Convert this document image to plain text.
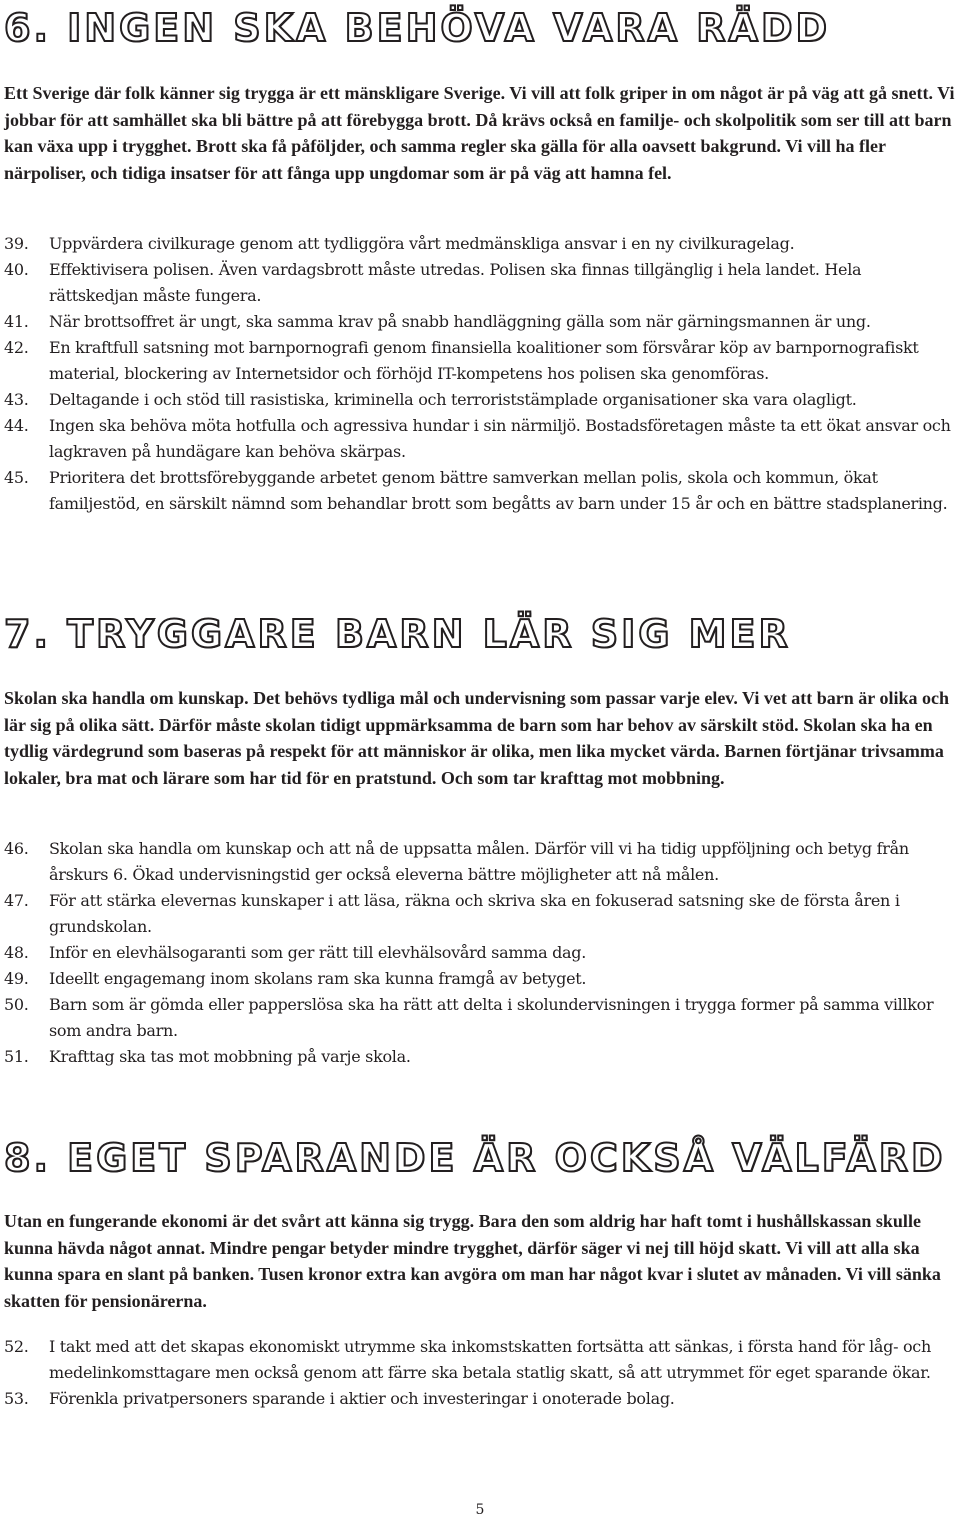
6. INGEN SKA BEHÖVA VARA RÄDD

Ett Sverige där folk känner sig trygga är ett mänskligare Sverige. Vi vill att folk griper in om något är på väg att gå snett. Vi jobbar för att samhället ska bli bättre på att förebygga brott. Då krävs också en familje- och skolpolitik som ser till att barn kan växa upp i trygghet. Brott ska få påföljder, och samma regler ska gälla för alla oavsett bakgrund. Vi vill ha fler närpoliser, och tidiga insatser för att fånga upp ungdomar som är på väg att hamna fel.

39.	Uppvärdera civilkurage genom att tydliggöra vårt medmänskliga ansvar i en ny civilkuragelag.
40.	Effektivisera polisen. Även vardagsbrott måste utredas. Polisen ska finnas tillgänglig i hela landet. Hela rättskedjan måste fungera.
41.	När brottsoffret är ungt, ska samma krav på snabb handläggning gälla som när gärningsmannen är ung.
42.	En kraftfull satsning mot barnpornografi genom finansiella koalitioner som försvårar köp av barnpornografiskt material, blockering av Internetsidor och förhöjd IT-kompetens hos polisen ska genomföras.
43.	Deltagande i och stöd till rasistiska, kriminella och terroriststämplade organisationer ska vara olagligt.
44.	Ingen ska behöva möta hotfulla och agressiva hundar i sin närmiljö. Bostadsföretagen måste ta ett ökat ansvar och lagkraven på hundägare kan behöva skärpas.
45.	Prioritera det brottsförebyggande arbetet genom bättre samverkan mellan polis, skola och kommun, ökat familjestöd, en särskilt nämnd som behandlar brott som begåtts av barn under 15 år och en bättre stadsplanering.
7. TRYGGARE BARN LÄR SIG MER

Skolan ska handla om kunskap. Det behövs tydliga mål och undervisning som passar varje elev. Vi vet att barn är olika och lär sig på olika sätt. Därför måste skolan tidigt uppmärksamma de barn som har behov av särskilt stöd. Skolan ska ha en tydlig värdegrund som baseras på respekt för att människor är olika, men lika mycket värda. Barnen förtjänar trivsamma lokaler, bra mat och lärare som har tid för en pratstund. Och som tar krafttag mot mobbning.

46.	Skolan ska handla om kunskap och att nå de uppsatta målen. Därför vill vi ha tidig uppföljning och betyg från årskurs 6. Ökad undervisningstid ger också eleverna bättre möjligheter att nå målen.
47.	För att stärka elevernas kunskaper i att läsa, räkna och skriva ska en fokuserad satsning ske de första åren i grundskolan.
48.	Inför en elevhälsogaranti som ger rätt till elevhälsovård samma dag.
49.	Ideellt engagemang inom skolans ram ska kunna framgå av betyget.
50.	Barn som är gömda eller papperslösa ska ha rätt att delta i skolundervisningen i trygga former på samma villkor som andra barn.
51.	Krafttag ska tas mot mobbning på varje skola.
8. EGET SPARANDE ÄR OCKSÅ VÄLFÄRD

Utan en fungerande ekonomi är det svårt att känna sig trygg. Bara den som aldrig har haft tomt i hushållskassan skulle kunna hävda något annat. Mindre pengar betyder mindre trygghet, därför säger vi nej till höjd skatt. Vi vill att alla ska kunna spara en slant på banken. Tusen kronor extra kan avgöra om man har något kvar i slutet av månaden. Vi vill sänka skatten för pensionärerna.

52.	I takt med att det skapas ekonomiskt utrymme ska inkomstskatten fortsätta att sänkas, i första hand för låg- och medelinkomsttagare men också genom att färre ska betala statlig skatt, så att utrymmet för eget sparande ökar.
53.	Förenkla privatpersoners sparande i aktier och investeringar i onoterade bolag.
5
